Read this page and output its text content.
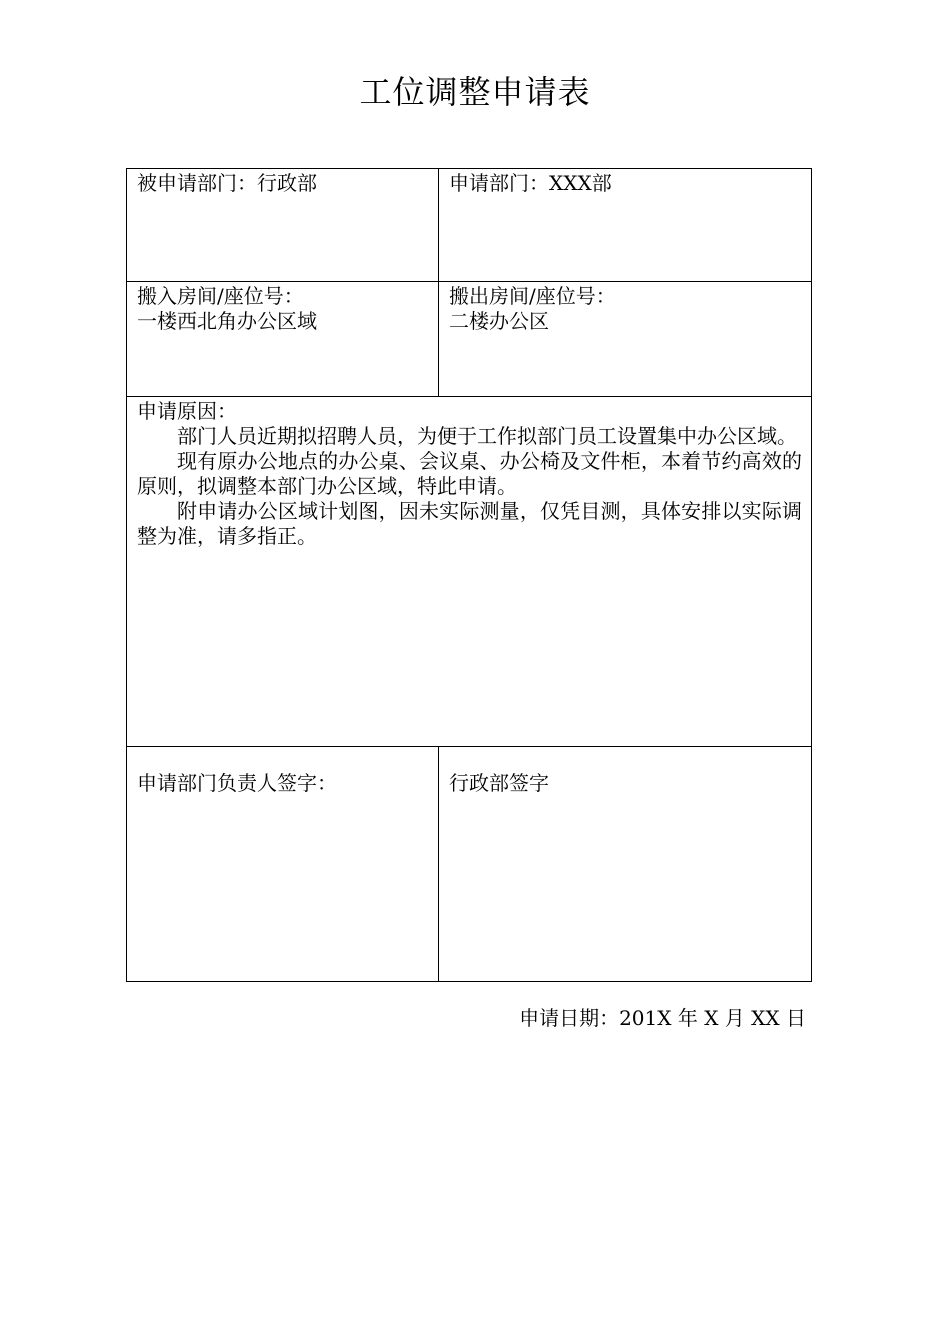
工位调整申请表
被申请部门：行政部	申请部门：XXX部

搬入房间/座位号：
一楼西北角办公区域	搬出房间/座位号：
二楼办公区

申请原因：
部门人员近期拟招聘人员，为便于工作拟部门员工设置集中办公区域。
现有原办公地点的办公桌、会议桌、办公椅及文件柜，本着节约高效的原则，拟调整本部门办公区域，特此申请。
附申请办公区域计划图，因未实际测量，仅凭目测，具体安排以实际调整为准，请多指正。	

申请部门负责人签字：	行政部签字
申请日期：201X 年 X 月 XX 日
